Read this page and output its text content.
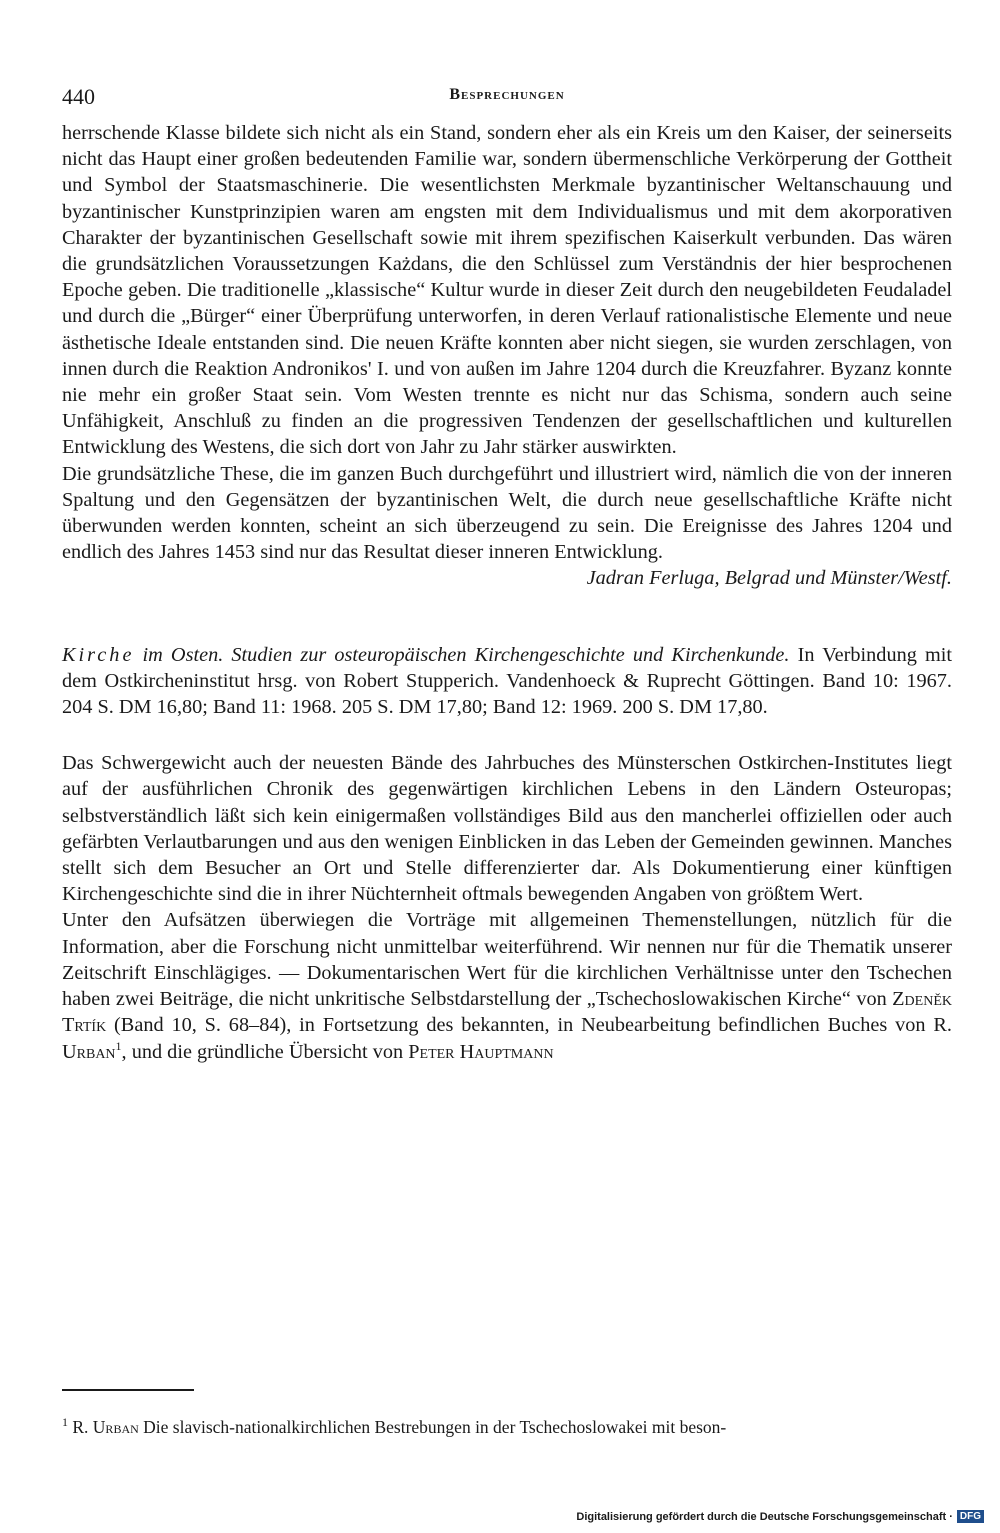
440	Besprechungen

herrschende Klasse bildete sich nicht als ein Stand, sondern eher als ein Kreis um den Kaiser, der seinerseits nicht das Haupt einer großen bedeutenden Familie war, sondern übermenschliche Verkörperung der Gottheit und Symbol der Staatsmaschinerie. Die wesentlichsten Merkmale byzantinischer Weltanschauung und byzantinischer Kunstprinzipien waren am engsten mit dem Individualismus und mit dem akorporativen Charakter der byzantinischen Gesellschaft sowie mit ihrem spezifischen Kaiserkult verbunden. Das wären die grundsätzlichen Voraussetzungen Każdans, die den Schlüssel zum Verständnis der hier besprochenen Epoche geben. Die traditionelle „klassische“ Kultur wurde in dieser Zeit durch den neugebildeten Feudaladel und durch die „Bürger“ einer Überprüfung unterworfen, in deren Verlauf rationalistische Elemente und neue ästhetische Ideale entstanden sind. Die neuen Kräfte konnten aber nicht siegen, sie wurden zerschlagen, von innen durch die Reaktion Andronikos' I. und von außen im Jahre 1204 durch die Kreuzfahrer. Byzanz konnte nie mehr ein großer Staat sein. Vom Westen trennte es nicht nur das Schisma, sondern auch seine Unfähigkeit, Anschluß zu finden an die progressiven Tendenzen der gesellschaftlichen und kulturellen Entwicklung des Westens, die sich dort von Jahr zu Jahr stärker auswirkten.

Die grundsätzliche These, die im ganzen Buch durchgeführt und illustriert wird, nämlich die von der inneren Spaltung und den Gegensätzen der byzantinischen Welt, die durch neue gesellschaftliche Kräfte nicht überwunden werden konnten, scheint an sich überzeugend zu sein. Die Ereignisse des Jahres 1204 und endlich des Jahres 1453 sind nur das Resultat dieser inneren Entwicklung.

Jadran Ferluga, Belgrad und Münster/Westf.

Kirche im Osten. Studien zur osteuropäischen Kirchengeschichte und Kirchenkunde. In Verbindung mit dem Ostkircheninstitut hrsg. von Robert Stupperich. Vandenhoeck & Ruprecht Göttingen. Band 10: 1967. 204 S. DM 16,80; Band 11: 1968. 205 S. DM 17,80; Band 12: 1969. 200 S. DM 17,80.

Das Schwergewicht auch der neuesten Bände des Jahrbuches des Münsterschen Ostkirchen-Institutes liegt auf der ausführlichen Chronik des gegenwärtigen kirchlichen Lebens in den Ländern Osteuropas; selbstverständlich läßt sich kein einigermaßen vollständiges Bild aus den mancherlei offiziellen oder auch gefärbten Verlautbarungen und aus den wenigen Einblicken in das Leben der Gemeinden gewinnen. Manches stellt sich dem Besucher an Ort und Stelle differenzierter dar. Als Dokumentierung einer künftigen Kirchengeschichte sind die in ihrer Nüchternheit oftmals bewegenden Angaben von größtem Wert.

Unter den Aufsätzen überwiegen die Vorträge mit allgemeinen Themenstellungen, nützlich für die Information, aber die Forschung nicht unmittelbar weiterführend. Wir nennen nur für die Thematik unserer Zeitschrift Einschlägiges. — Dokumentarischen Wert für die kirchlichen Verhältnisse unter den Tschechen haben zwei Beiträge, die nicht unkritische Selbstdarstellung der „Tschechoslowakischen Kirche“ von Zdeněk Trtík (Band 10, S. 68–84), in Fortsetzung des bekannten, in Neubearbeitung befindlichen Buches von R. Urban$^1$, und die gründliche Übersicht von Peter Hauptmann

$^1$ R. Urban Die slavisch-nationalkirchlichen Bestrebungen in der Tschechoslowakei mit beson-

Digitalisierung gefördert durch die Deutsche Forschungsgemeinschaft · DFG
